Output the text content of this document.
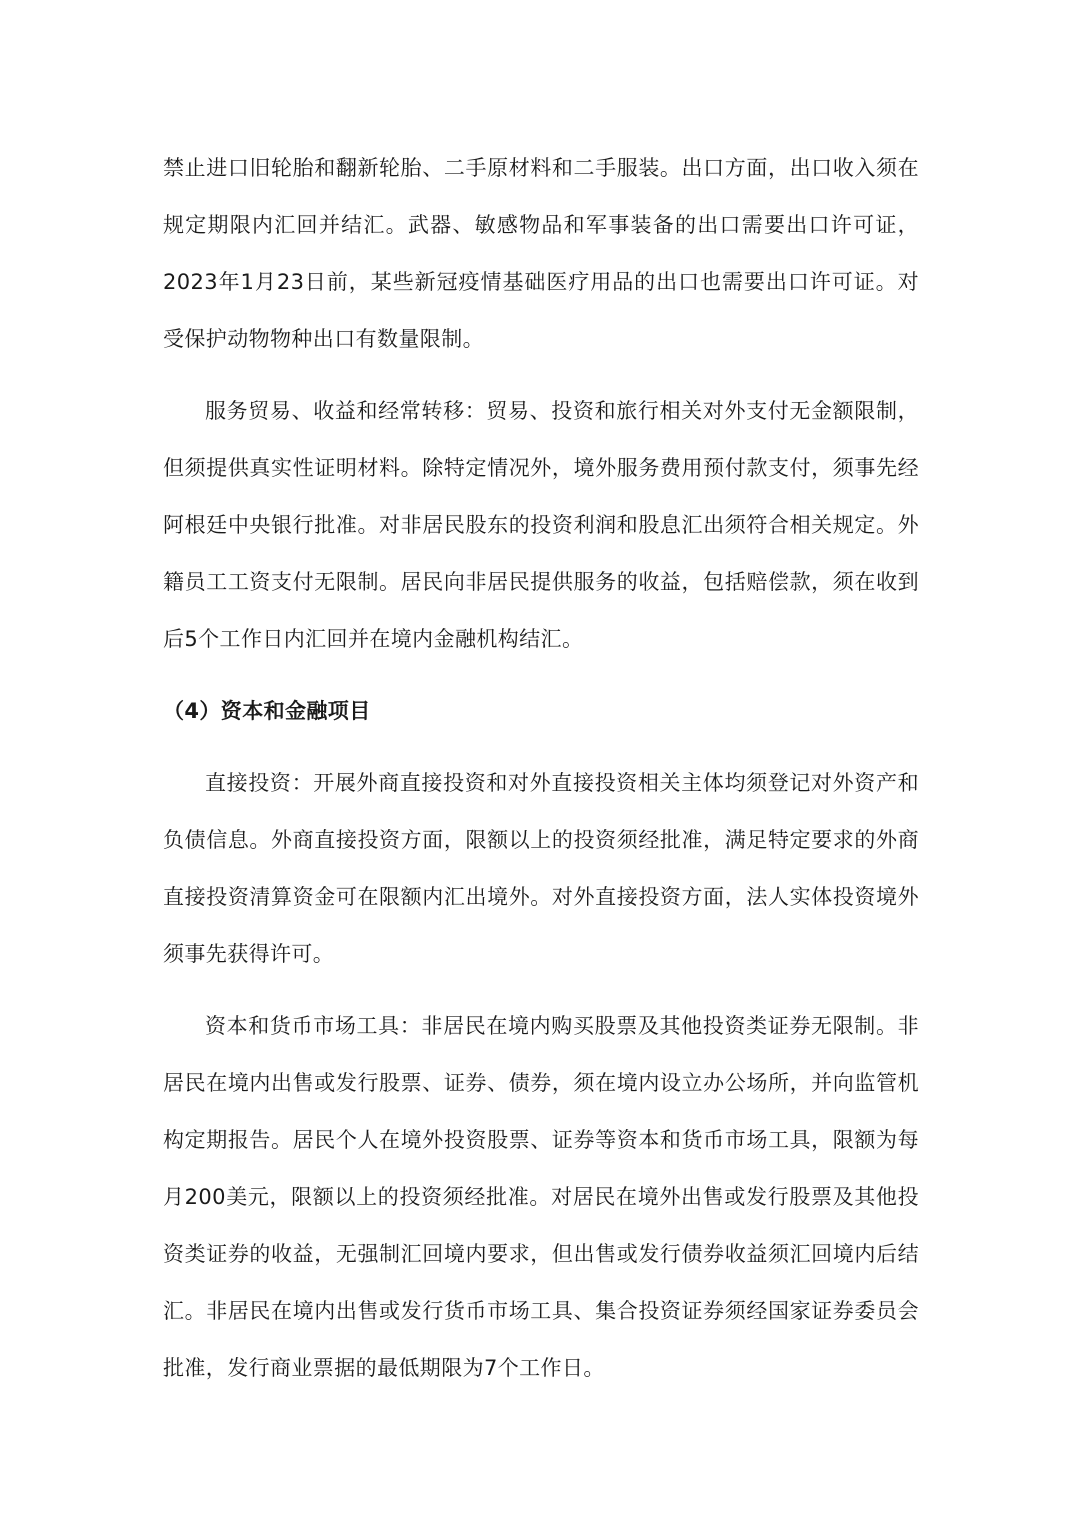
禁止进口旧轮胎和翻新轮胎、二手原材料和二手服装。出口方面，出口收入须在规定期限内汇回并结汇。武器、敏感物品和军事装备的出口需要出口许可证，2023年1月23日前，某些新冠疫情基础医疗用品的出口也需要出口许可证。对受保护动物物种出口有数量限制。

服务贸易、收益和经常转移：贸易、投资和旅行相关对外支付无金额限制，但须提供真实性证明材料。除特定情况外，境外服务费用预付款支付，须事先经阿根廷中央银行批准。对非居民股东的投资利润和股息汇出须符合相关规定。外籍员工工资支付无限制。居民向非居民提供服务的收益，包括赔偿款，须在收到后5个工作日内汇回并在境内金融机构结汇。

（4）资本和金融项目

直接投资：开展外商直接投资和对外直接投资相关主体均须登记对外资产和负债信息。外商直接投资方面，限额以上的投资须经批准，满足特定要求的外商直接投资清算资金可在限额内汇出境外。对外直接投资方面，法人实体投资境外须事先获得许可。

资本和货币市场工具：非居民在境内购买股票及其他投资类证券无限制。非居民在境内出售或发行股票、证券、债券，须在境内设立办公场所，并向监管机构定期报告。居民个人在境外投资股票、证券等资本和货币市场工具，限额为每月200美元，限额以上的投资须经批准。对居民在境外出售或发行股票及其他投资类证券的收益，无强制汇回境内要求，但出售或发行债券收益须汇回境内后结汇。非居民在境内出售或发行货币市场工具、集合投资证券须经国家证券委员会批准，发行商业票据的最低期限为7个工作日。
